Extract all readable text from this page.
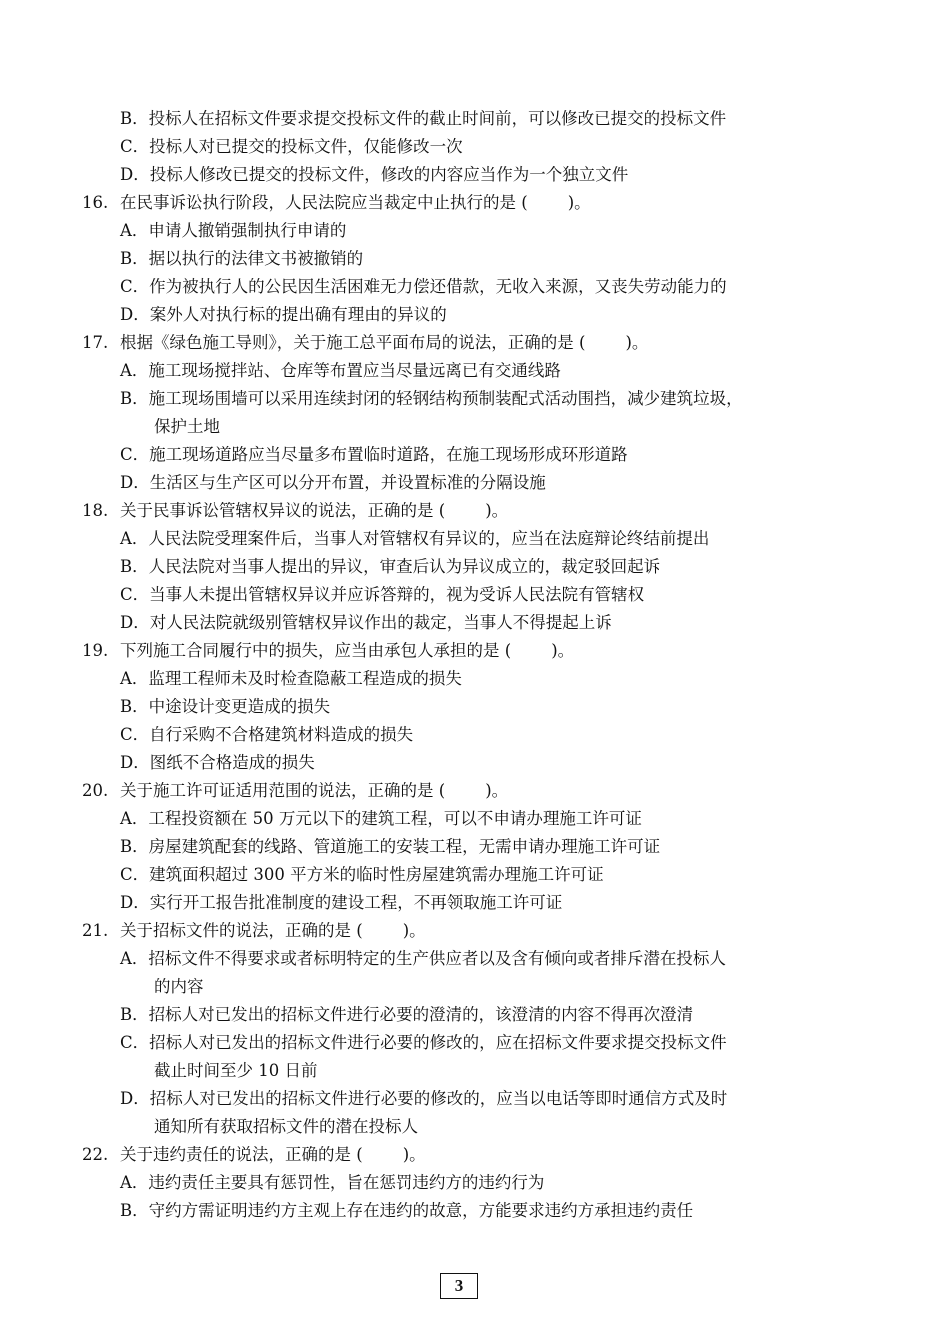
B．投标人在招标文件要求提交投标文件的截止时间前，可以修改已提交的投标文件
C．投标人对已提交的投标文件，仅能修改一次
D．投标人修改已提交的投标文件，修改的内容应当作为一个独立文件
16. 在民事诉讼执行阶段，人民法院应当裁定中止执行的是 ( )。
A．申请人撤销强制执行申请的
B．据以执行的法律文书被撤销的
C．作为被执行人的公民因生活困难无力偿还借款，无收入来源，又丧失劳动能力的
D．案外人对执行标的提出确有理由的异议的
17. 根据《绿色施工导则》，关于施工总平面布局的说法，正确的是 ( )。
A．施工现场搅拌站、仓库等布置应当尽量远离已有交通线路
B．施工现场围墙可以采用连续封闭的轻钢结构预制装配式活动围挡，减少建筑垃圾，
保护土地
C．施工现场道路应当尽量多布置临时道路，在施工现场形成环形道路
D．生活区与生产区可以分开布置，并设置标准的分隔设施
18. 关于民事诉讼管辖权异议的说法，正确的是 ( )。
A．人民法院受理案件后，当事人对管辖权有异议的，应当在法庭辩论终结前提出
B．人民法院对当事人提出的异议，审查后认为异议成立的，裁定驳回起诉
C．当事人未提出管辖权异议并应诉答辩的，视为受诉人民法院有管辖权
D．对人民法院就级别管辖权异议作出的裁定，当事人不得提起上诉
19. 下列施工合同履行中的损失，应当由承包人承担的是 ( )。
A．监理工程师未及时检查隐蔽工程造成的损失
B．中途设计变更造成的损失
C．自行采购不合格建筑材料造成的损失
D．图纸不合格造成的损失
20. 关于施工许可证适用范围的说法，正确的是 ( )。
A．工程投资额在 50 万元以下的建筑工程，可以不申请办理施工许可证
B．房屋建筑配套的线路、管道施工的安装工程，无需申请办理施工许可证
C．建筑面积超过 300 平方米的临时性房屋建筑需办理施工许可证
D．实行开工报告批准制度的建设工程，不再领取施工许可证
21. 关于招标文件的说法，正确的是 ( )。
A．招标文件不得要求或者标明特定的生产供应者以及含有倾向或者排斥潜在投标人
的内容
B．招标人对已发出的招标文件进行必要的澄清的，该澄清的内容不得再次澄清
C．招标人对已发出的招标文件进行必要的修改的，应在招标文件要求提交投标文件
截止时间至少 10 日前
D．招标人对已发出的招标文件进行必要的修改的，应当以电话等即时通信方式及时
通知所有获取招标文件的潜在投标人
22. 关于违约责任的说法，正确的是 ( )。
A．违约责任主要具有惩罚性，旨在惩罚违约方的违约行为
B．守约方需证明违约方主观上存在违约的故意，方能要求违约方承担违约责任
3
